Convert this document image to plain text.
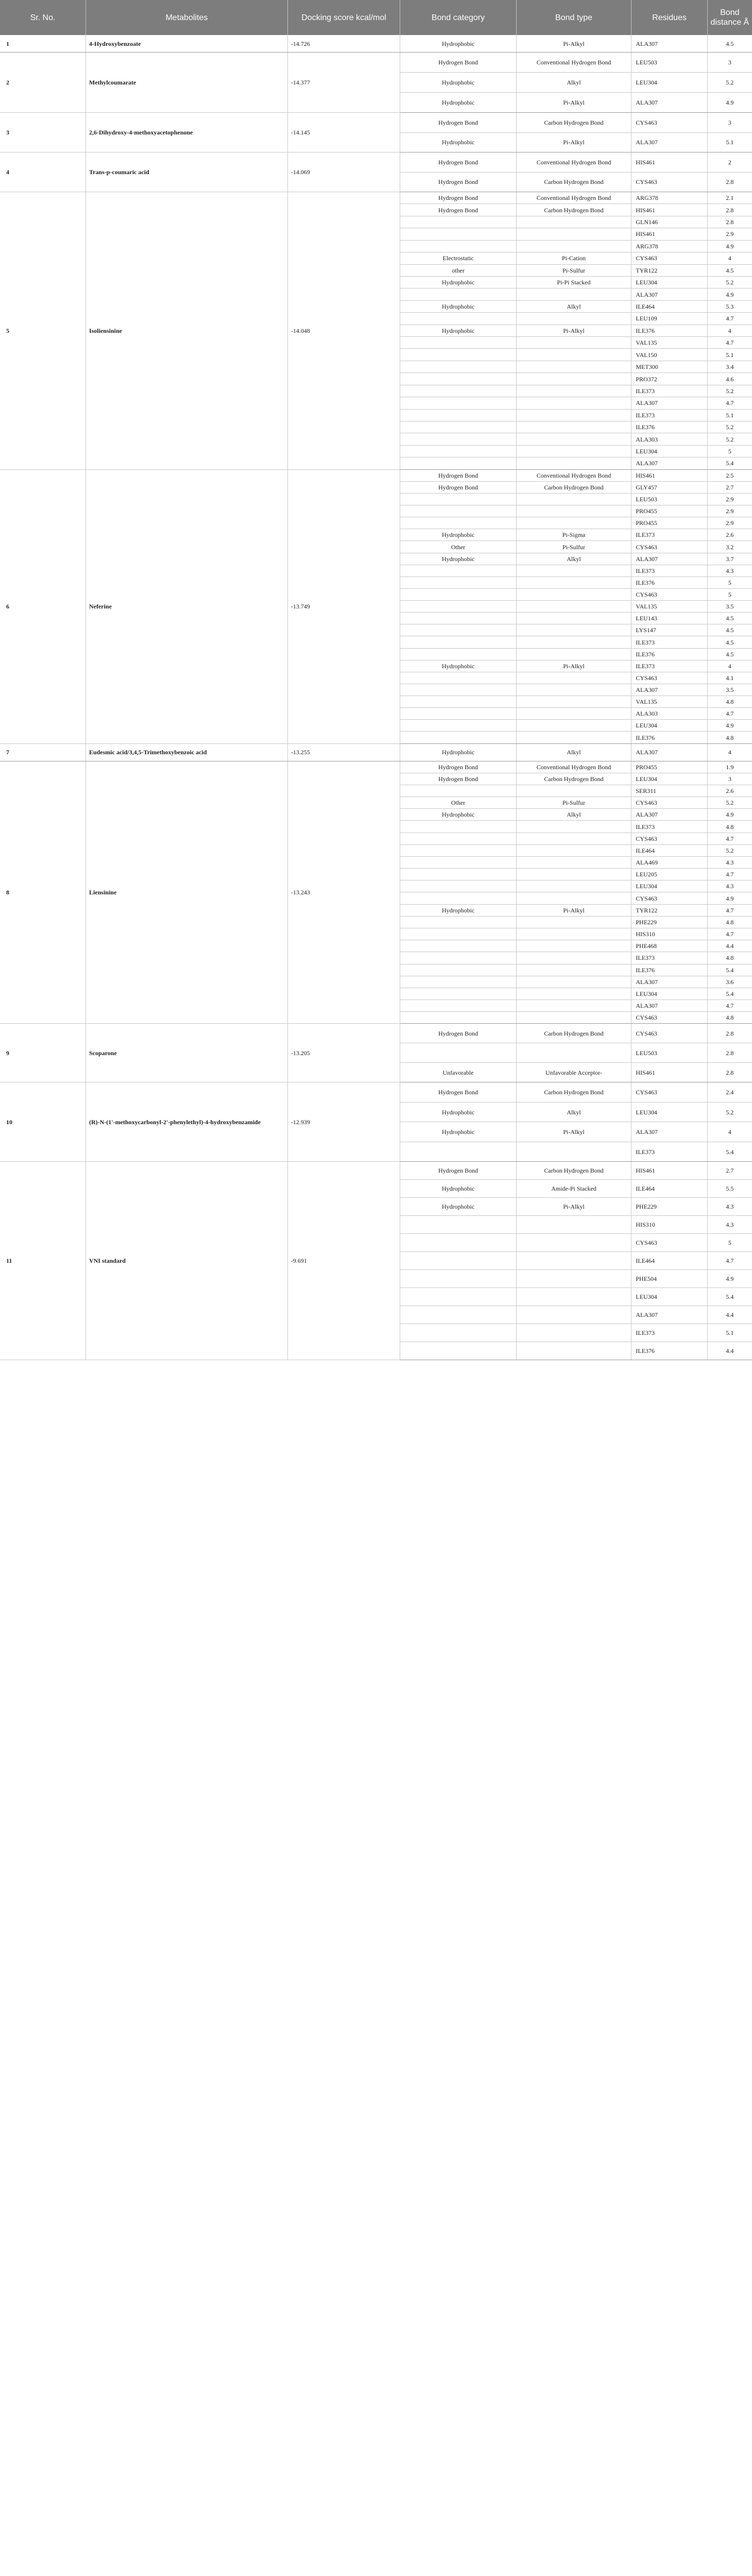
Sr. No.	Metabolites	Docking score kcal/mol	Bond category	Bond type	Residues	Bond distance Å
1	4-Hydroxybenzoate	-14.726	Hydrophobic	Pi-Alkyl	ALA307	4.5
2	Methylcoumarate	-14.377	Hydrogen Bond	Conventional Hydrogen Bond	LEU503	3
			Hydrophobic	Alkyl	LEU304	5.2
			Hydrophobic	Pi-Alkyl	ALA307	4.9
3	2,6-Dihydroxy-4-methoxyacetophenone	-14.145	Hydrogen Bond	Carbon Hydrogen Bond	CYS463	3
			Hydrophobic	Pi-Alkyl	ALA307	5.1
4	Trans-p-coumaric acid	-14.069	Hydrogen Bond	Conventional Hydrogen Bond	HIS461	2
			Hydrogen Bond	Carbon Hydrogen Bond	CYS463	2.8
5	Isoliensinine	-14.048	Hydrogen Bond	Conventional Hydrogen Bond	ARG378	2.1
			Hydrogen Bond	Carbon Hydrogen Bond	HIS461	2.8
					GLN146	2.8
					HIS461	2.9
					ARG378	4.9
			Electrostatic	Pi-Cation	CYS463	4
			other	Pi-Sulfur	TYR122	4.5
			Hydrophobic	Pi-Pi Stacked	LEU304	5.2
					ALA307	4.9
			Hydrophobic	Alkyl	ILE464	5.3
					LEU109	4.7
			Hydrophobic	Pi-Alkyl	ILE376	4
					VAL135	4.7
					VAL150	5.1
					MET300	3.4
					PRO372	4.6
					ILE373	5.2
					ALA307	4.7
					ILE373	5.1
					ILE376	5.2
					ALA303	5.2
					LEU304	5
					ALA307	5.4
6	Neferine	-13.749	Hydrogen Bond	Conventional Hydrogen Bond	HIS461	2.5
			Hydrogen Bond	Carbon Hydrogen Bond	GLY457	2.7
					LEU503	2.9
					PRO455	2.9
					PRO455	2.9
			Hydrophobic	Pi-Sigma	ILE373	2.6
			Other	Pi-Sulfur	CYS463	3.2
			Hydrophobic	Alkyl	ALA307	3.7
					ILE373	4.3
					ILE376	5
					CYS463	5
					VAL135	3.5
					LEU143	4.5
					LYS147	4.5
					ILE373	4.5
					ILE376	4.5
			Hydrophobic	Pi-Alkyl	ILE373	4
					CYS463	4.1
					ALA307	3.5
					VAL135	4.8
					ALA303	4.7
					LEU304	4.9
					ILE376	4.8
7	Eudesmic acid/3,4,5-Trimethoxybenzoic acid	-13.255	Hydrophobic	Alkyl	ALA307	4
8	Liensinine	-13.243	Hydrogen Bond	Conventional Hydrogen Bond	PRO455	1.9
			Hydrogen Bond	Carbon Hydrogen Bond	LEU304	3
					SER311	2.6
			Other	Pi-Sulfur	CYS463	5.2
			Hydrophobic	Alkyl	ALA307	4.9
					ILE373	4.8
					CYS463	4.7
					ILE464	5.2
					ALA469	4.3
					LEU205	4.7
					LEU304	4.3
					CYS463	4.9
			Hydrophobic	Pi-Alkyl	TYR122	4.7
					PHE229	4.8
					HIS310	4.7
					PHE468	4.4
					ILE373	4.8
					ILE376	5.4
					ALA307	3.6
					LEU304	5.4
					ALA307	4.7
					CYS463	4.8
9	Scoparone	-13.205	Hydrogen Bond	Carbon Hydrogen Bond	CYS463	2.8
					LEU503	2.8
			Unfavorable	Unfavorable Acceptor-	HIS461	2.8
10	(R)-N-(1'-methoxycarbonyl-2'-phenylethyl)-4-hydroxybenzamide	-12.939	Hydrogen Bond	Carbon Hydrogen Bond	CYS463	2.4
			Hydrophobic	Alkyl	LEU304	5.2
			Hydrophobic	Pi-Alkyl	ALA307	4
					ILE373	5.4
11	VNI standard	-9.691	Hydrogen Bond	Carbon Hydrogen Bond	HIS461	2.7
			Hydrophobic	Amide-Pi Stacked	ILE464	5.5
			Hydrophobic	Pi-Alkyl	PHE229	4.3
					HIS310	4.3
					CYS463	5
					ILE464	4.7
					PHE504	4.9
					LEU304	5.4
					ALA307	4.4
					ILE373	5.1
					ILE376	4.4
